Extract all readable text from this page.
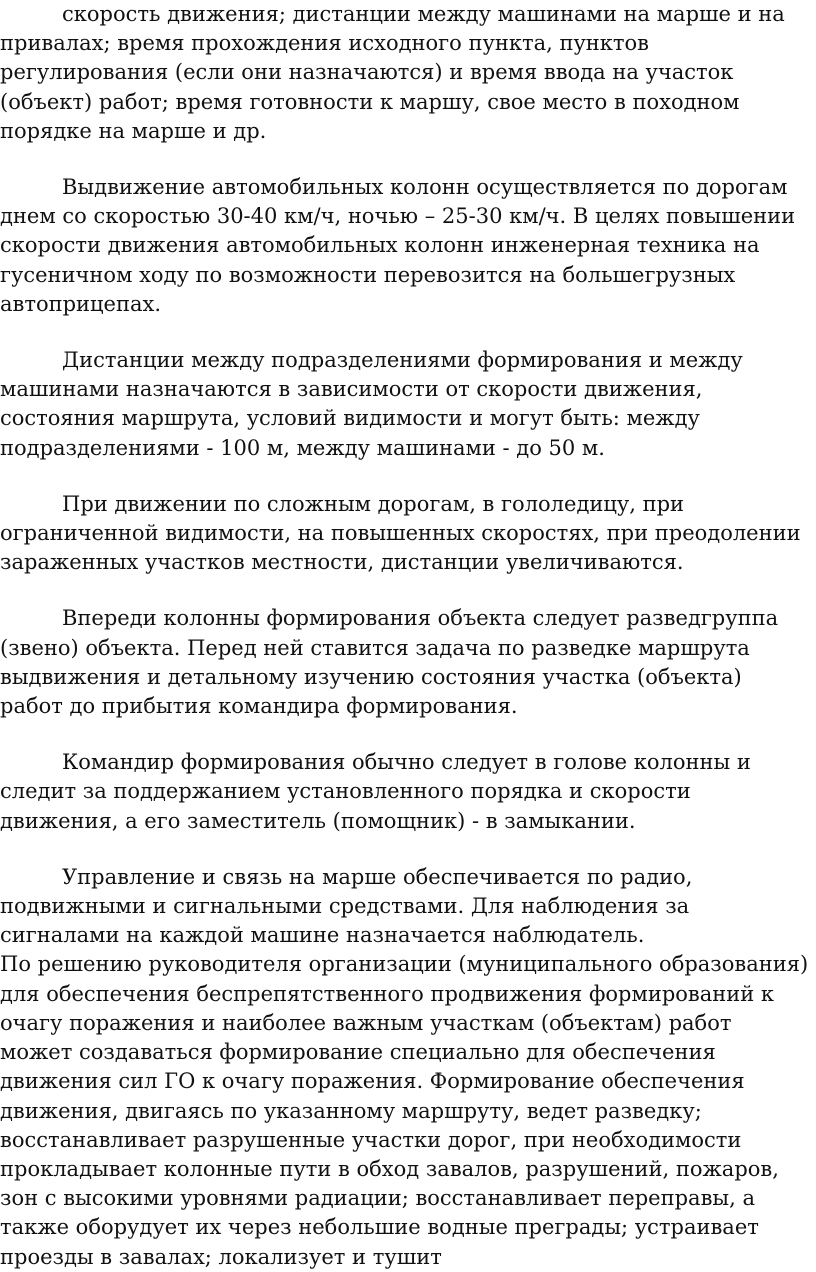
скорость движения; дистанции между машинами на марше и на привалах; время прохождения исходного пункта, пунктов регулирования (если они назначаются) и время ввода на участок (объект) работ; время готовности к маршу, свое место в походном порядке на марше и др.

Выдвижение автомобильных колонн осуществляется по дорогам днем со скоростью 30-40 км/ч, ночью – 25-30 км/ч. В целях повышении скорости движения автомобильных колонн инженерная техника на гусеничном ходу по возможности перевозится на большегрузных автоприцепах.

Дистанции между подразделениями формирования и между машинами назначаются в зависимости от скорости движения, состояния маршрута, условий видимости и могут быть: между подразделениями - 100 м, между машинами - до 50 м.

При движении по сложным дорогам, в гололедицу, при ограниченной видимости, на повышенных скоростях, при преодолении зараженных участков местности, дистанции увеличиваются.

Впереди колонны формирования объекта следует разведгруппа (звено) объекта. Перед ней ставится задача по разведке маршрута выдвижения и детальному изучению состояния участка (объекта) работ до прибытия командира формирования.

Командир формирования обычно следует в голове колонны и следит за поддержанием установленного порядка и скорости движения, а его заместитель (помощник) - в замыкании.

Управление и связь на марше обеспечивается по радио, подвижными и сигнальными средствами. Для наблюдения за сигналами на каждой машине назначается наблюдатель.

По решению руководителя организации (муниципального образования) для обеспечения беспрепятственного продвижения формирований к очагу поражения и наиболее важным участкам (объектам) работ может создаваться формирование специально для обеспечения движения сил ГО к очагу поражения. Формирование обеспечения движения, двигаясь по указанному маршруту, ведет разведку; восстанавливает разрушенные участки дорог, при необходимости прокладывает колонные пути в обход завалов, разрушений, пожаров, зон с высокими уровнями радиации; восстанавливает переправы, а также оборудует их через небольшие водные преграды; устраивает проезды в завалах; локализует и тушит
